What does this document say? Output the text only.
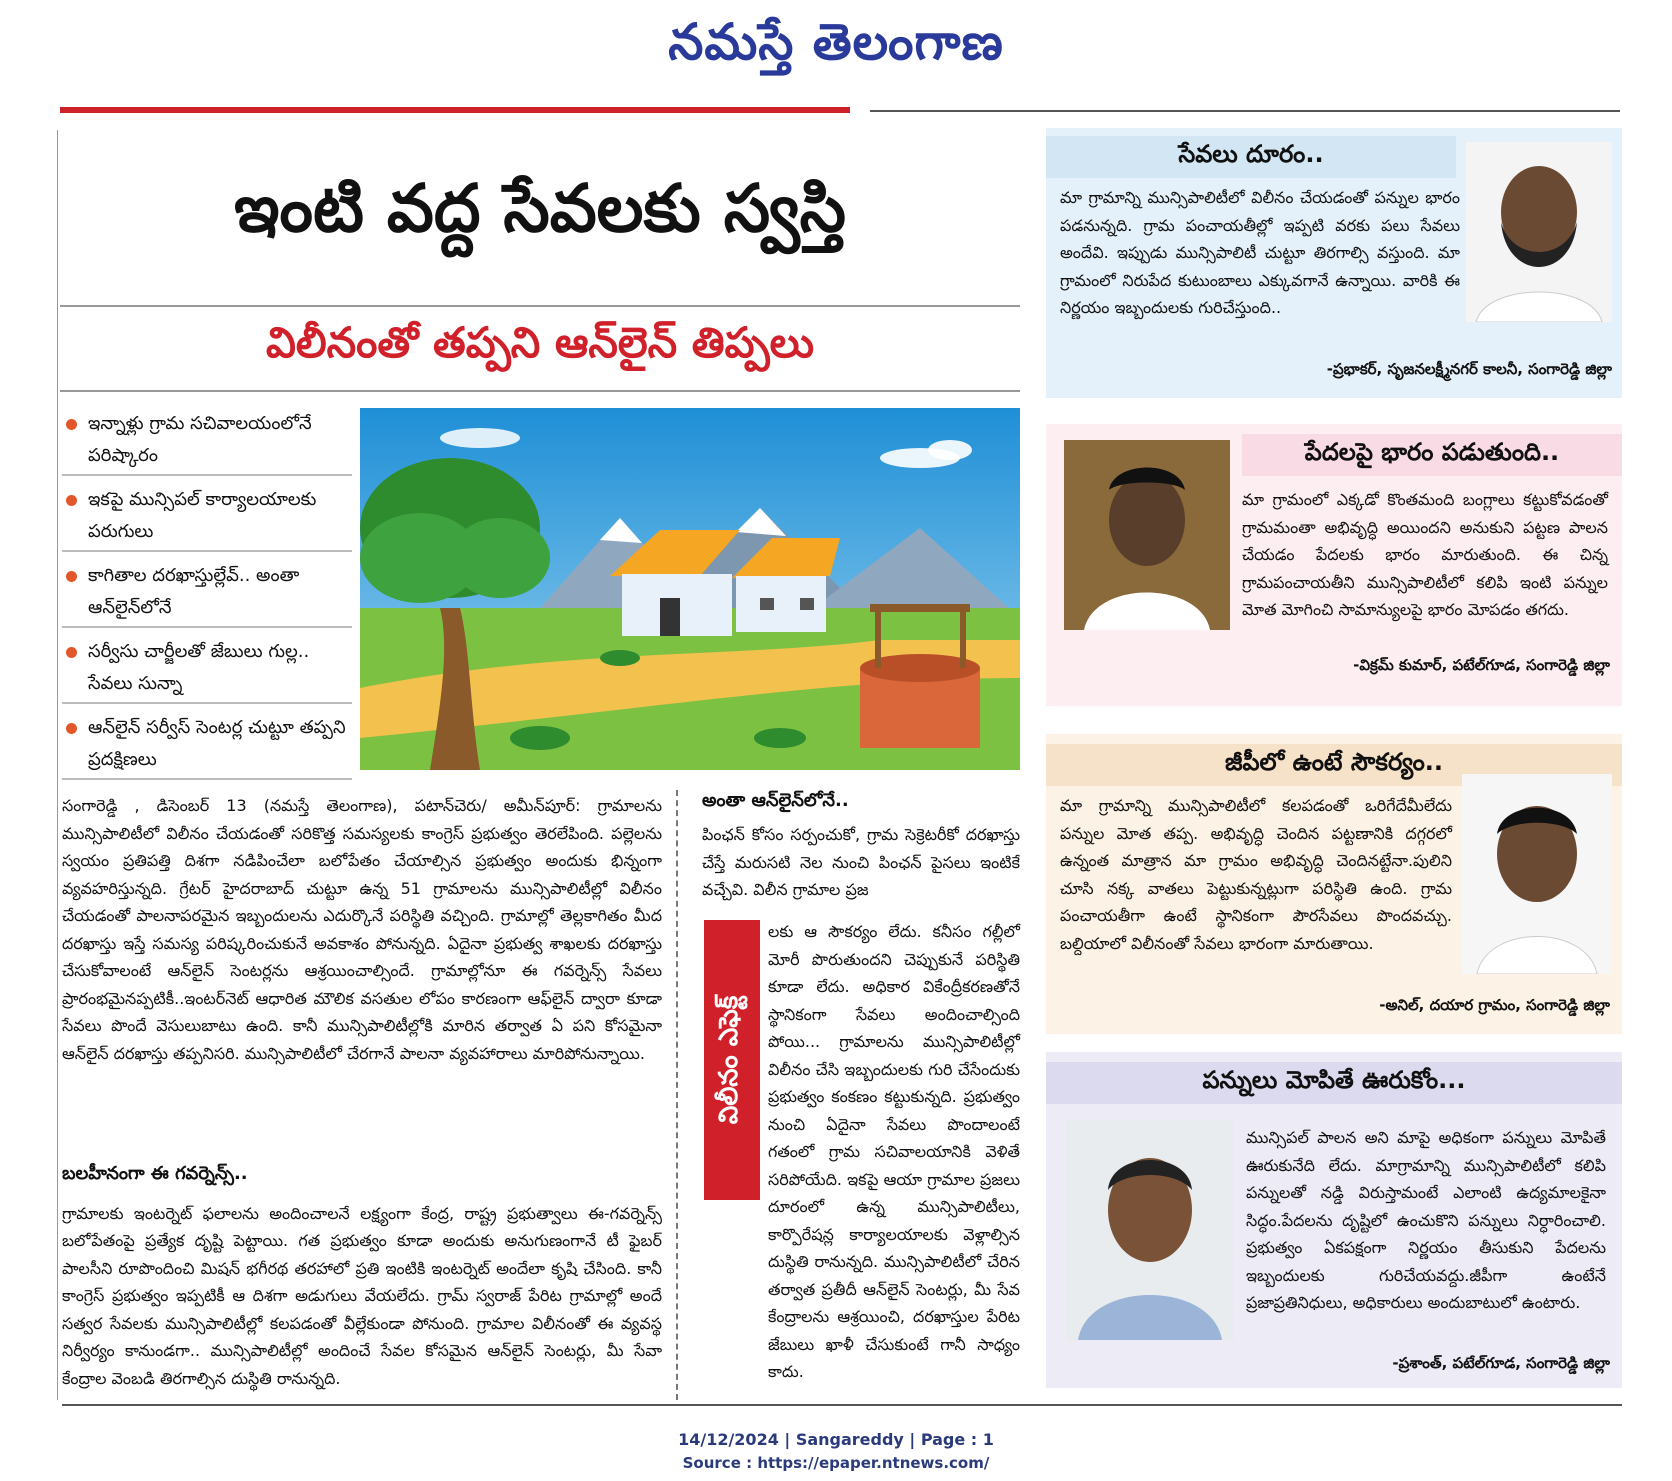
నమస్తే తెలంగాణ
ఇంటి వద్ద సేవలకు స్వస్తి
విలీనంతో తప్పని ఆన్‌లైన్ తిప్పలు
ఇన్నాళ్లు గ్రామ సచివాలయంలోనే పరిష్కారం
ఇకపై మున్సిపల్ కార్యాలయాలకు పరుగులు
కాగితాల దరఖాస్తుల్లేవ్.. అంతా ఆన్‌లైన్‌లోనే
సర్వీసు చార్జీలతో జేబులు గుల్ల.. సేవలు సున్నా
ఆన్‌లైన్ సర్వీస్ సెంటర్ల చుట్టూ తప్పని ప్రదక్షిణలు
సంగారెడ్డి , డిసెంబర్ 13 (నమస్తే తెలంగాణ), పటాన్‌చెరు/ అమీన్‌పూర్: గ్రామాలను మున్సిపాలిటీలో విలీనం చేయడంతో సరికొత్త సమస్యలకు కాంగ్రెస్ ప్రభుత్వం తెరలేపింది. పల్లెలను స్వయం ప్రతిపత్తి దిశగా నడిపించేలా బలోపేతం చేయాల్సిన ప్రభుత్వం అందుకు భిన్నంగా వ్యవహరిస్తున్నది. గ్రేటర్ హైదరాబాద్ చుట్టూ ఉన్న 51 గ్రామాలను మున్సిపాలిటీల్లో విలీనం చేయడంతో పాలనాపరమైన ఇబ్బందులను ఎదుర్కొనే పరిస్థితి వచ్చింది. గ్రామాల్లో తెల్లకాగితం మీద దరఖాస్తు ఇస్తే సమస్య పరిష్కరించుకునే అవకాశం పోనున్నది. ఏదైనా ప్రభుత్వ శాఖలకు దరఖాస్తు చేసుకోవాలంటే ఆన్‌లైన్ సెంటర్లను ఆశ్రయించాల్సిందే. గ్రామాల్లోనూ ఈ గవర్నెన్స్ సేవలు ప్రారంభమైనప్పటికీ..ఇంటర్‌నెట్ ఆధారిత మౌలిక వసతుల లోపం కారణంగా ఆఫ్‌లైన్ ద్వారా కూడా సేవలు పొందే వెసులుబాటు ఉంది. కానీ మున్సిపాలిటీల్లోకి మారిన తర్వాత ఏ పని కోసమైనా ఆన్‌లైన్ దరఖాస్తు తప్పనిసరి. మున్సిపాలిటీలో చేరగానే పాలనా వ్యవహారాలు మారిపోనున్నాయి.
బలహీనంగా ఈ గవర్నెన్స్..
గ్రామాలకు ఇంటర్నెట్ ఫలాలను అందించాలనే లక్ష్యంగా కేంద్ర, రాష్ట్ర ప్రభుత్వాలు ఈ-గవర్నెన్స్ బలోపేతంపై ప్రత్యేక దృష్టి పెట్టాయి. గత ప్రభుత్వం కూడా అందుకు అనుగుణంగానే టీ ఫైబర్ పాలసీని రూపొందించి మిషన్ భగీరథ తరహాలో ప్రతి ఇంటికి ఇంటర్నెట్ అందేలా కృషి చేసింది. కానీ కాంగ్రెస్ ప్రభుత్వం ఇప్పటికీ ఆ దిశగా అడుగులు వేయలేదు. గ్రామ్ స్వరాజ్ పేరిట గ్రామాల్లో అందే సత్వర సేవలకు మున్సిపాలిటీల్లో కలపడంతో వీల్లేకుండా పోనుంది. గ్రామాల విలీనంతో ఈ వ్యవస్థ నిర్వీర్యం కానుండగా.. మున్సిపాలిటీల్లో అందించే సేవల కోసమైన ఆన్‌లైన్ సెంటర్లు, మీ సేవా కేంద్రాల వెంబడి తిరగాల్సిన దుస్థితి రానున్నది.
అంతా ఆన్‌లైన్‌లోనే..
పింఛన్ కోసం సర్పంచుకో, గ్రామ సెక్రెటరీకో దరఖాస్తు చేస్తే మరుసటి నెల నుంచి పింఛన్ పైసలు ఇంటికే వచ్చేవి. విలీన గ్రామాల ప్రజ
విలీనం ఎఫెక్ట్
లకు ఆ సౌకర్యం లేదు. కనీసం గల్లీలో మోరీ పొరుతుందని చెప్పుకునే పరిస్థితి కూడా లేదు. అధికార వికేంద్రీకరణతోనే స్థానికంగా సేవలు అందించాల్సింది పోయి... గ్రామాలను మున్సిపాలిటీల్లో విలీనం చేసి ఇబ్బందులకు గురి చేసేందుకు ప్రభుత్వం కంకణం కట్టుకున్నది. ప్రభుత్వం నుంచి ఏదైనా సేవలు పొందాలంటే గతంలో గ్రామ సచివాలయానికి వెళితే సరిపోయేది. ఇకపై ఆయా గ్రామాల ప్రజలు దూరంలో ఉన్న మున్సిపాలిటీలు, కార్పొరేషన్ల కార్యాలయాలకు వెళ్లాల్సిన దుస్థితి రానున్నది. మున్సిపాలిటీలో చేరిన తర్వాత ప్రతీదీ ఆన్‌లైన్ సెంటర్లు, మీ సేవ కేంద్రాలను ఆశ్రయించి, దరఖాస్తుల పేరిట జేబులు ఖాళీ చేసుకుంటే గానీ సాధ్యం కాదు.
సేవలు దూరం..
మా గ్రామాన్ని మున్సిపాలిటీలో విలీనం చేయడంతో పన్నుల భారం పడనున్నది. గ్రామ పంచాయతీల్లో ఇప్పటి వరకు పలు సేవలు అందేవి. ఇప్పుడు మున్సిపాలిటీ చుట్టూ తిరగాల్సి వస్తుంది. మా గ్రామంలో నిరుపేద కుటుంబాలు ఎక్కువగానే ఉన్నాయి. వారికి ఈ నిర్ణయం ఇబ్బందులకు గురిచేస్తుంది..
-ప్రభాకర్, సృజనలక్ష్మీనగర్ కాలనీ, సంగారెడ్డి జిల్లా
పేదలపై భారం పడుతుంది..
మా గ్రామంలో ఎక్కడో కొంతమంది బంగ్లాలు కట్టుకోవడంతో గ్రామమంతా అభివృద్ధి అయిందని అనుకుని పట్టణ పాలన చేయడం పేదలకు భారం మారుతుంది. ఈ చిన్న గ్రామపంచాయతీని మున్సిపాలిటీలో కలిపి ఇంటి పన్నుల మోత మోగించి సామాన్యులపై భారం మోపడం తగదు.
-విక్రమ్ కుమార్, పటేల్‌గూడ, సంగారెడ్డి జిల్లా
జీపీలో ఉంటే సౌకర్యం..
మా గ్రామాన్ని మున్సిపాలిటీలో కలపడంతో ఒరిగేదేమీలేదు పన్నుల మోత తప్ప. అభివృద్ధి చెందిన పట్టణానికి దగ్గరలో ఉన్నంత మాత్రాన మా గ్రామం అభివృద్ధి చెందినట్టేనా.పులిని చూసి నక్క వాతలు పెట్టుకున్నట్లుగా పరిస్థితి ఉంది. గ్రామ పంచాయతీగా ఉంటే స్థానికంగా పౌరసేవలు పొందవచ్చు. బల్దియాలో విలీనంతో సేవలు భారంగా మారుతాయి.
-అనిల్, దయార గ్రామం, సంగారెడ్డి జిల్లా
పన్నులు మోపితే ఊరుకోం...
మున్సిపల్ పాలన అని మాపై అధికంగా పన్నులు మోపితే ఊరుకునేది లేదు. మాగ్రామాన్ని మున్సిపాలిటీలో కలిపి పన్నులతో నడ్డి విరుస్తామంటే ఎలాంటి ఉద్యమాలకైనా సిద్ధం.పేదలను దృష్టిలో ఉంచుకొని పన్నులు నిర్ధారించాలి. ప్రభుత్వం ఏకపక్షంగా నిర్ణయం తీసుకుని పేదలను ఇబ్బందులకు గురిచేయవద్దు.జీపీగా ఉంటేనే ప్రజాప్రతినిధులు, అధికారులు అందుబాటులో ఉంటారు.
-ప్రశాంత్, పటేల్‌గూడ, సంగారెడ్డి జిల్లా
14/12/2024 | Sangareddy | Page : 1
Source : https://epaper.ntnews.com/
